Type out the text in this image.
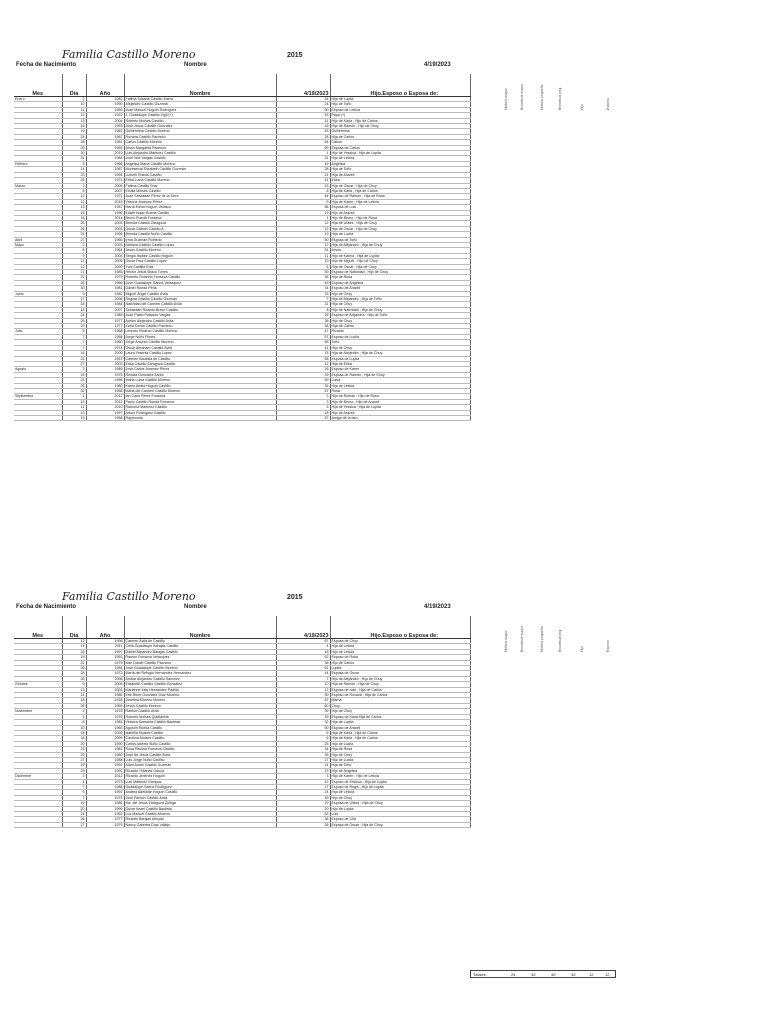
Familia Castillo Moreno	2015
Fecha de Nacimiento	Nombre	4/19/2023
Mes	Día	Año	Nombre	4/19/2023	Hijo.Esposo o Esposa de:
Enero	2	1981	Fatima Susana Castillo Ibarra	34	Hija de Lupita
	10	1990	Alejandro Castillo Guzmán	24	Hijo de Toño
	11	1955	Juan Manuel Hoguín Rodríguez	60	Esposo de Leticia
	12	1922	J. Guadalupe Castillo Vigil (+)	93	Papá (+)
	13	2004	Roberto Moisés Castillo	11	Hijo de Karla ; Hijo de Carlos
	16	1993	Jose Jesus Castillo González	16	Hijo de Ramón ; Hijo de Chuy
	19	1962	Guillermina Castillo Moreno	53	Guillermina
	24	1987	Roxana Castillo Pacheco	28	Hija de Carlos
	28	1951	Carlos Castillo Moreno	64	Carlos
	29	1955	Jesús Margarita Pacheco	60	Esposa de Carlos
	30	2019	Luis Alejandro Martínez Castillo	1	Hijo de Yessica ; Hijo de Lupita
	31	1984	José Noé Vargas Castillo	31	Hijo de Leticia
Febrero	5	1966	Angélica María Castillo Moreno	49	Angélica
	14	1987	Montserrat Elizabeth Castillo Guzmán	28	Hija de Toño
	23	1994	Lizbeth Rueda Castillo	21	Hija de Araceli
	25	1974	Erika Lucía Castillo Moreno	41	Erika
Marzo	1	2000	Fatima Castillo Díaz	15	Hija de Oscar ; Hija de Chuy
	6	2007	Emilia Moisés Castillo	8	Hija de Karla ; Hija de Carlos
	11	1971	Juan Sebastian Pérez de la Torre	44	Esposo de Ramón ; Hija de Rosa
	12	2015	Victoria Jiménez Pérez	0	Hija de Karen ; Hija de Leticia
	13	1957	María Elena Hoguín Velasco	58	Esposa de Luis
	16	1996	Edwin Isaac Rueda Castillo	19	Hijo de Araceli
	18	2014	Bruno Rueda Fonseca	1	Hijo de Bruno ; Hijo de Rosa
	25	2003	Brenda Castillo Zaragoza	12	Hija de Ulises ; Hija de Chuy
	26	2003	Oscar Gabriel Castillo A.	12	Hijo de Oscar ; Hijo de Chuy
	31	1996	Brenda Castillo Nuño Castillo	19	Hija de Lucila
Abril	27	1965	Irma Guzmán Robledo	50	Esposa de Toño
Mayo	2	2003	Adriana Castillo Castillo López	12	Hija de Alejandro ; Hija de Chuy
	6	1964	Jesús Castillo Moreno	51	Jesús
	9	2004	Sergio Ibañez Castillo Hoguín	11	Hijo de Karina ; Hija de Lupita
	12	2005	Oscar Paul Castillo López	10	Hijo de Miguel ; Hijo de Chuy
	12	2009	Yoni Castillo Díaz	6	Hija de Oscar ; Hija de Chuy
	17	1985	Héctor Jesús Bravo Torres	30	Esposo de Natividad ; Hijo de Chuy
	22	1979	Roberto Rolando Fonseca Castillo	36	Hijo de Rosa
	26	1966	José Guadalupe García Velázquez	49	Esposo de Angélica
	30	1981	Daniel Rueda Peña	34	Esposo de Araceli
Junio	9	1982	Miguel Ángel Castillo Ávila	33	Hijo de Chuy
	17	2008	Regina Castillo Castillo Guzmán	7	Hija de Alejandro ; Hija de Toño
	18	1984	Natividad del Carmen Castillo Ávila	31	Hija de Chuy
	18	2007	Sebastián Ricardo Bravo Castillo	8	Hijo de Natividad ; Hijo de Chuy
	24	1989	Juan Pablo Palacios Vargas	26	Esposo de Alejandra ; Hijo de Toño
	25	1977	Adrián Alejandro Castillo Ávila	38	Hijo de Chuy
	29	1977	Karla Emilia Castillo Pacheco	38	Hija de Carlos
Julio	5	1968	Leoncio Ricardo Castillo Moreno	47	Ricardo
	7	1958	Jorge Nuño Flores	57	Esposo de Lucila
	7	1960	Jorge Antonio Castillo Moreno	55	Toño
	7	1974	Oscar Abraham Castillo Ávila	41	Hijo de Chuy
	16	2000	Laura Yesenia Castillo López	15	Hija de Alejandro ; Hija de Chuy
	23	1957	Carmen Bautista de Castillo	58	Esposa de Lupita
	27	2003	Erika Castillo Zaragoza Castillo	12	Hija de Erika
Agosto	3	1989	José Carlos Jiménez Pérez	26	Esposo de Karen
	15	1976	Renata Gonzalez Zarza	39	Esposa de Ramón ; Hija de Chuy
	23	1956	Maria Luisa Castillo Moreno	59	Luisa
	26	1980	Karen Anaid Hoguín Castillo	35	Hija de Leticia
	30	1958	Maria del Carmen Castillo Moreno	57	Rosa
Septiembre	1	2012	Ian Carlo Pérez Fonseca	3	Hijo de Roman ; Hijo de Rosa
	10	2012	Paulo Castillo Rueda Fonseca	3	Hijo de Bruno ; Hijo de Araceli
	11	2010	Ramona Martínez Castillo	5	Hija de Yessica ; Hija de Lupita
	13	1997	Arturo Rodríguez Castillo	18	Hijo de Araceli
	13	1958	Raymundo	57	Amigo de la fam.
Nieto/a mayor	Bisnieto/a mayor	Nieto/a pequeño	Bisnieto/a peq.	Hijo	Esposo
Familia Castillo Moreno	2015
Fecha de Nacimiento	Nombre	4/19/2023
Mes	Día	Año	Nombre	4/19/2023	Hijo.Esposo o Esposa de:
	12	1998	Carmen Ávila de Castillo	67	Esposa de Chuy
	14	2011	Celia Guadalupe Barajas Castillo	4	Hija de Leticia
	16	1997	Daniel Alejandro Barajas Castillo	18	Hijo de Leticia
	19	1953	Ramón Fonseca Velázquez	62	Esposo de Rosa
	22	1979	Iván Daniel Castillo Pacheco	36	Hijo de Carlos
	26	1954	José Guadalupe Castillo Moreno	61	Lupita
	28	1973	María del Refugio Hernández Hernández	44	Esposa de Oscar
	30	2008	Ámbar Alejandro Castillo Sánchez	7	Hijo de Alejandro ; Hijo de Chuy
Octubre	5	2005	Elizabeth Castillo Castillo González	10	Hija de Ramón ; Hija de Chuy
	13	2003	Marianne Irais Hernández Padilla	12	Esposa de Iván ; Hija de Carlos
	14	1985	Erik René González Díaz Moreno	30	Esposo de Roxana ; Hija de Carlos
	18	1928	Josefina Moreno Moreno	87	Mamá
	28	1955	Jesús Castillo Moreno	60	Chuy
Noviembre	1	1976	Ramón Castillo Ávila	39	Hijo de Chuy
	4	1976	Roberto Moisés Quintanilla	39	Esposo de Karla Hija de Carlos
	8	1983	Yessica Samanta Castillo Bautista	32	Hija de Lupita
	10	1965	Agustín Rueda Castillo	50	Esposo de Araceli
	18	2009	Isabella Moisés Castillo	6	Hija de Karla ; Hija de Carlos
	18	2009	Carolina Moisés Castillo	6	Hija de Karla ; Hija de Carlos
	20	1990	Carlos Alberto Nuño Castillo	25	Hijo de Lucila
	23	1981	Rosa Paulina Fonseca Castillo	34	Hija de Rosa
	25	1980	José de Jesús Castillo Ávila	35	Hijo de Chuy
	27	1988	Luis Jorge Nuño Castillo	27	Hijo de Lucila
	29	1991	Alam Anahí Castillo Guzmán	24	Hija de Toño
	29	1992	Ricardo Trillanes García	23	Hijo de Angélica
Diciembre	3	2012	Ricardo Jiménez Hoguín	3	Hijo de Karen ; Hijo de Leticia
	4	1973	Luis Martínez Campos	42	Esposo de Yessica ; Hija de Lupita
	7	1988	Guadalupe Saenz Rodríguez	27	Esposo de Regis ; Hijo de Lupita
	9	1991	Andrea Adelaide Hoguín Castillo	24	Hija de Leticia
	7	1975	José Ramón Castillo Ávila	40	Hijo de Chuy
	19	1986	Ma. del Jesús Zaragoza Zuñiga	29	Esposa de Ulises ; Hija de Chuy
	20	1995	Oscar Israel Castillo Bautista	20	Hijo de Lupita
	24	1952	Luz Manuel Castillo Moreno	63	Luis
	26	1977	Ricardo Barajas Ahuyas	38	Esposo de Lilia
	27	1979	Nancy Gabriela Díaz Vallejo	36	Esposa de Oscar ; Hija de Chuy
Nieto/a mayor	Bisnieto/a mayor	Nieto/a pequeño	Bisnieto/a peq.	Hijo	Esposo
Totales	24	10	40	10	12	12
